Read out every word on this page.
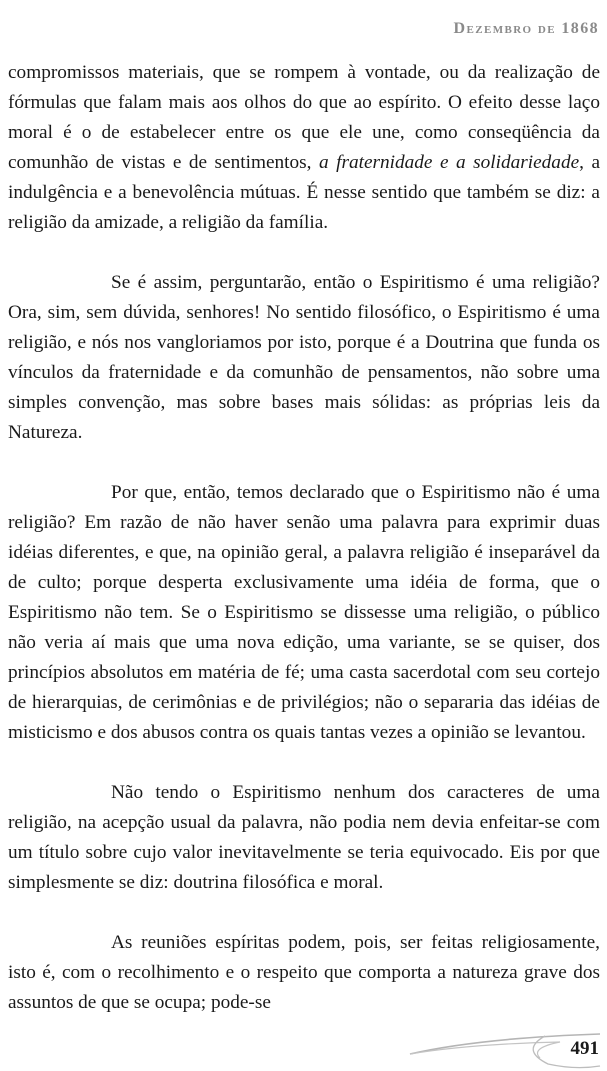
Dezembro de 1868

compromissos materiais, que se rompem à vontade, ou da realização de fórmulas que falam mais aos olhos do que ao espírito. O efeito desse laço moral é o de estabelecer entre os que ele une, como conseqüência da comunhão de vistas e de sentimentos, a fraternidade e a solidariedade, a indulgência e a benevolência mútuas. É nesse sentido que também se diz: a religião da amizade, a religião da família.

Se é assim, perguntarão, então o Espiritismo é uma religião? Ora, sim, sem dúvida, senhores! No sentido filosófico, o Espiritismo é uma religião, e nós nos vangloriamos por isto, porque é a Doutrina que funda os vínculos da fraternidade e da comunhão de pensamentos, não sobre uma simples convenção, mas sobre bases mais sólidas: as próprias leis da Natureza.

Por que, então, temos declarado que o Espiritismo não é uma religião? Em razão de não haver senão uma palavra para exprimir duas idéias diferentes, e que, na opinião geral, a palavra religião é inseparável da de culto; porque desperta exclusivamente uma idéia de forma, que o Espiritismo não tem. Se o Espiritismo se dissesse uma religião, o público não veria aí mais que uma nova edição, uma variante, se se quiser, dos princípios absolutos em matéria de fé; uma casta sacerdotal com seu cortejo de hierarquias, de cerimônias e de privilégios; não o separaria das idéias de misticismo e dos abusos contra os quais tantas vezes a opinião se levantou.

Não tendo o Espiritismo nenhum dos caracteres de uma religião, na acepção usual da palavra, não podia nem devia enfeitar-se com um título sobre cujo valor inevitavelmente se teria equivocado. Eis por que simplesmente se diz: doutrina filosófica e moral.

As reuniões espíritas podem, pois, ser feitas religiosamente, isto é, com o recolhimento e o respeito que comporta a natureza grave dos assuntos de que se ocupa; pode-se

491
